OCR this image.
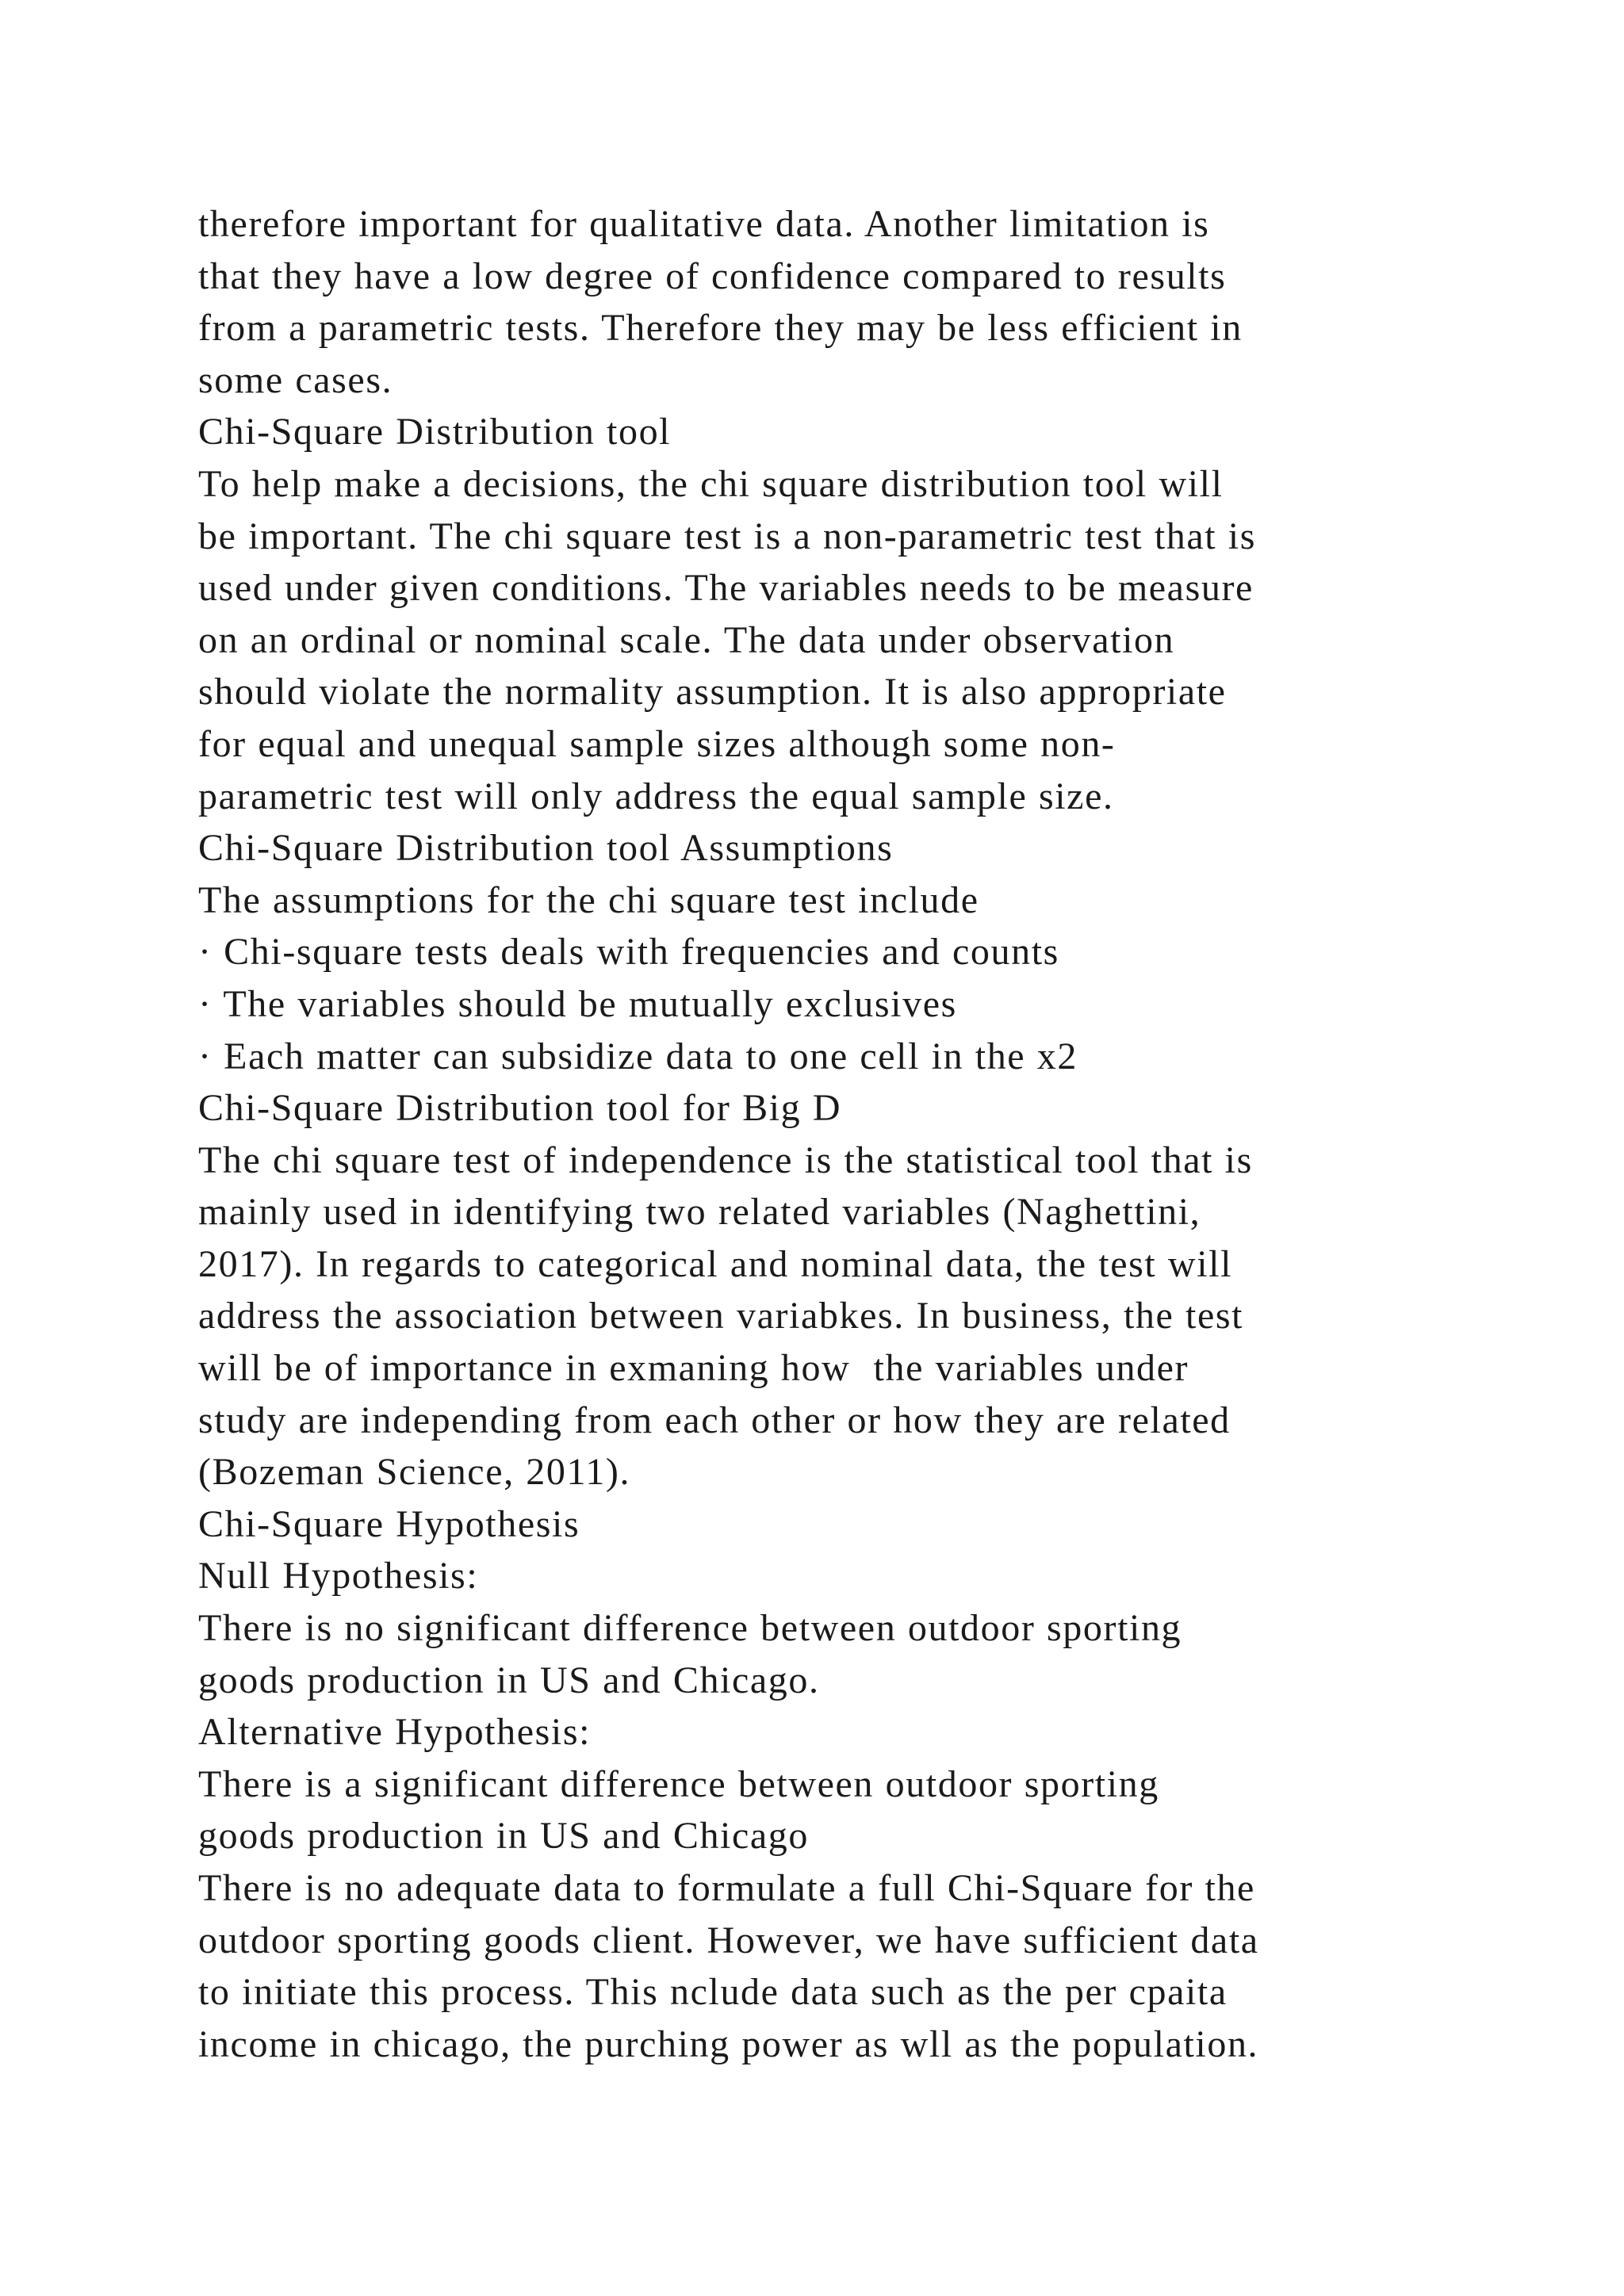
therefore important for qualitative data. Another limitation is
that they have a low degree of confidence compared to results
from a parametric tests. Therefore they may be less efficient in
some cases.
Chi-Square Distribution tool
To help make a decisions, the chi square distribution tool will
be important. The chi square test is a non-parametric test that is
used under given conditions. The variables needs to be measure
on an ordinal or nominal scale. The data under observation
should violate the normality assumption. It is also appropriate
for equal and unequal sample sizes although some non-
parametric test will only address the equal sample size.
Chi-Square Distribution tool Assumptions
The assumptions for the chi square test include
· Chi-square tests deals with frequencies and counts
· The variables should be mutually exclusives
· Each matter can subsidize data to one cell in the x2
Chi-Square Distribution tool for Big D
The chi square test of independence is the statistical tool that is
mainly used in identifying two related variables (Naghettini,
2017). In regards to categorical and nominal data, the test will
address the association between variabkes. In business, the test
will be of importance in exmaning how  the variables under
study are independing from each other or how they are related
(Bozeman Science, 2011).
Chi-Square Hypothesis
Null Hypothesis:
There is no significant difference between outdoor sporting
goods production in US and Chicago.
Alternative Hypothesis:
There is a significant difference between outdoor sporting
goods production in US and Chicago
There is no adequate data to formulate a full Chi-Square for the
outdoor sporting goods client. However, we have sufficient data
to initiate this process. This nclude data such as the per cpaita
income in chicago, the purching power as wll as the population.
